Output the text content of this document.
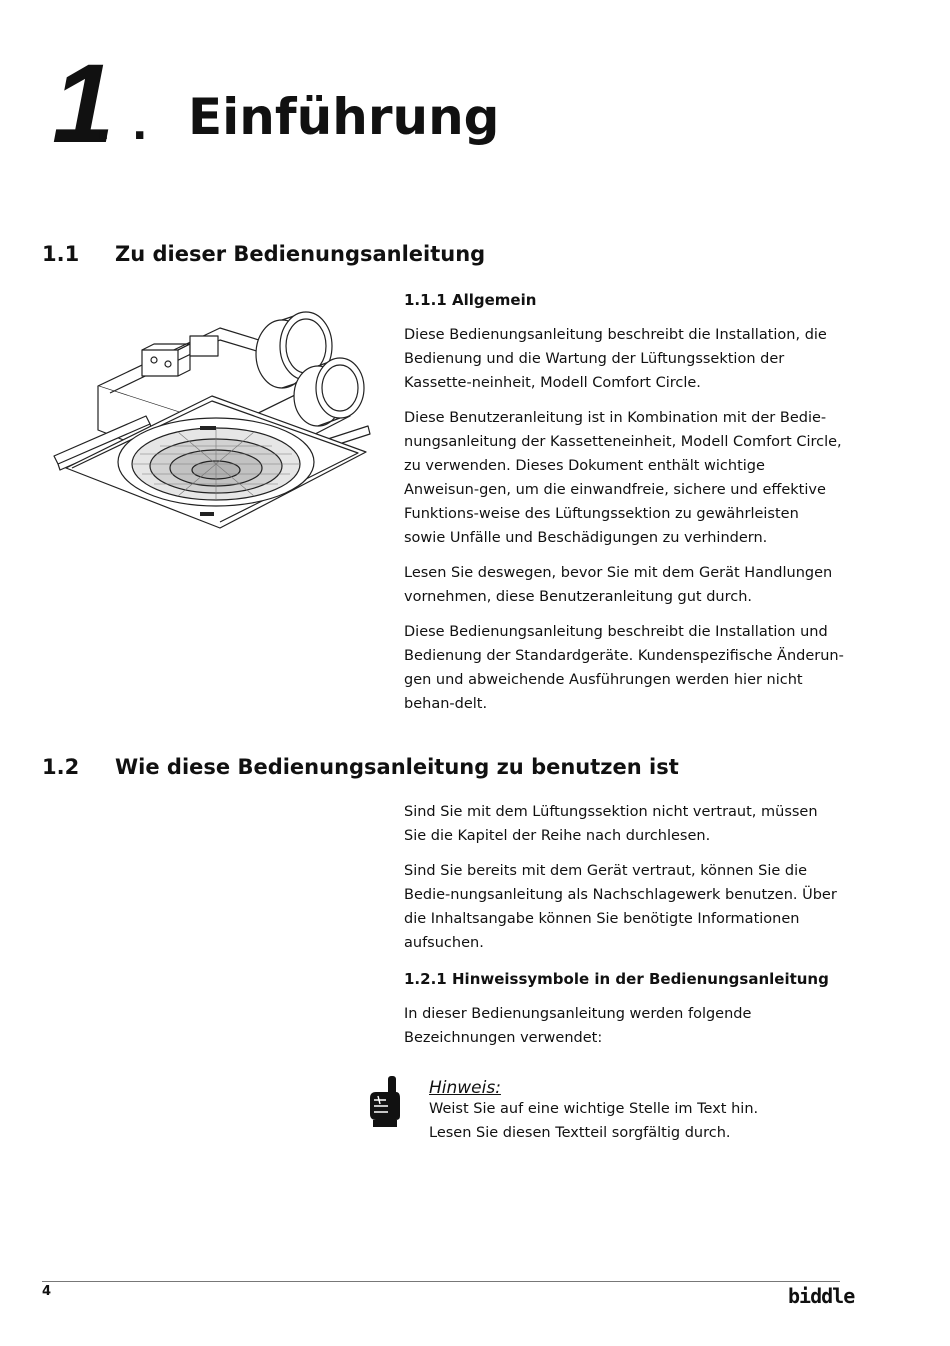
1
.. Einführung
1.1 Zu dieser Bedienungsanleitung
1.1.1 Allgemein

Diese Bedienungsanleitung beschreibt die Installation, die Bedienung und die Wartung der Lüftungssektion der Kassette-neinheit, Modell Comfort Circle.

Diese Benutzeranleitung ist in Kombination mit der Bedie-nungsanleitung der Kassetteneinheit, Modell Comfort Circle, zu verwenden. Dieses Dokument enthält wichtige Anweisun-gen, um die einwandfreie, sichere und effektive Funktions-weise des Lüftungssektion zu gewährleisten sowie Unfälle und Beschädigungen zu verhindern.

Lesen Sie deswegen, bevor Sie mit dem Gerät Handlungen vornehmen, diese Benutzeranleitung gut durch.

Diese Bedienungsanleitung beschreibt die Installation und Bedienung der Standardgeräte. Kundenspezifische Änderun-gen und abweichende Ausführungen werden hier nicht behan-delt.

1.2 Wie diese Bedienungsanleitung zu benutzen ist

Sind Sie mit dem Lüftungssektion nicht vertraut, müssen Sie die Kapitel der Reihe nach durchlesen.

Sind Sie bereits mit dem Gerät vertraut, können Sie die Bedie-nungsanleitung als Nachschlagewerk benutzen. Über die Inhaltsangabe können Sie benötigte Informationen aufsuchen.

1.2.1 Hinweissymbole in der Bedienungsanleitung

In dieser Bedienungsanleitung werden folgende Bezeichnungen verwendet:

Hinweis:
Weist Sie auf eine wichtige Stelle im Text hin.
Lesen Sie diesen Textteil sorgfältig durch.
4	biddle
